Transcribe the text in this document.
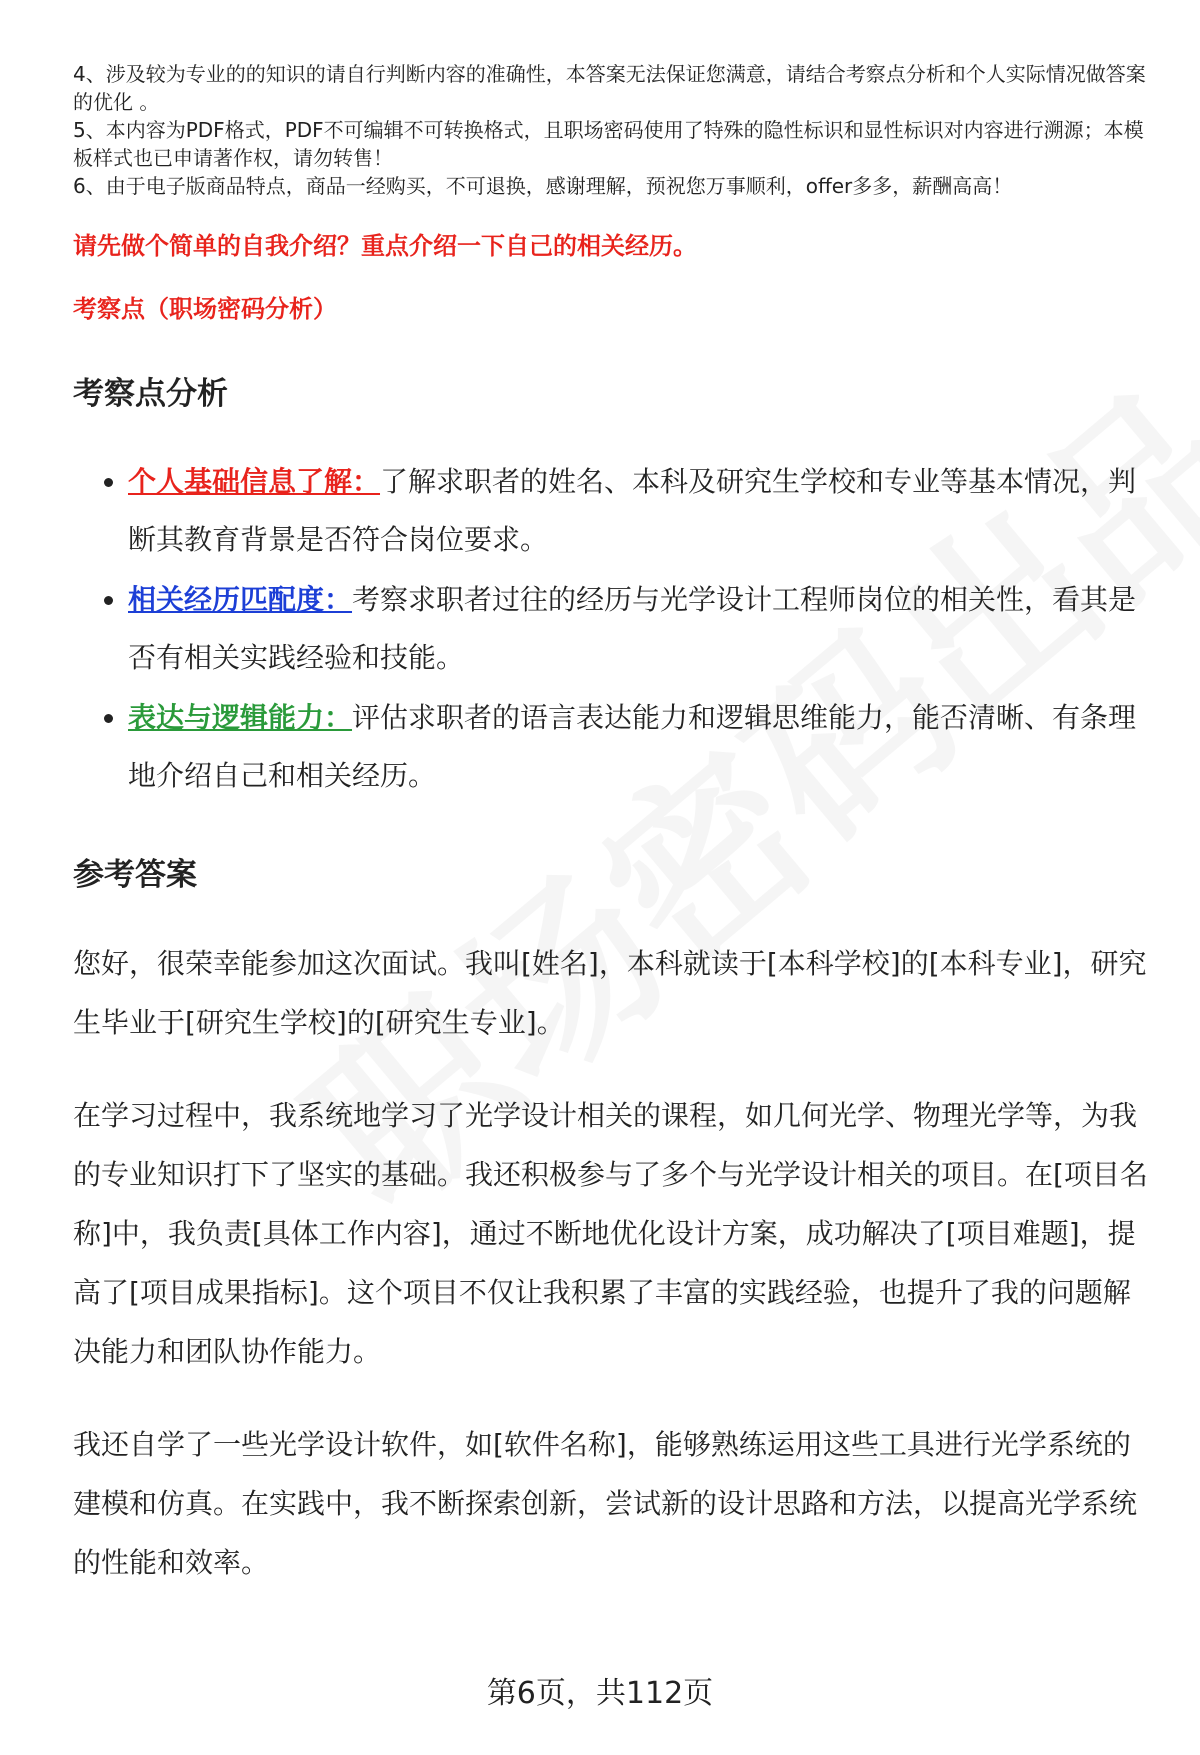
4、涉及较为专业的的知识的请自行判断内容的准确性，本答案无法保证您满意，请结合考察点分析和个人实际情况做答案的优化 。

5、本内容为PDF格式，PDF不可编辑不可转换格式，且职场密码使用了特殊的隐性标识和显性标识对内容进行溯源；本模板样式也已申请著作权，请勿转售！

6、由于电子版商品特点，商品一经购买，不可退换，感谢理解，预祝您万事顺利，offer多多，薪酬高高！

请先做个简单的自我介绍？重点介绍一下自己的相关经历。

考察点（职场密码分析）

考察点分析
• 个人基础信息了解：了解求职者的姓名、本科及研究生学校和专业等基本情况，判断其教育背景是否符合岗位要求。
• 相关经历匹配度：考察求职者过往的经历与光学设计工程师岗位的相关性，看其是否有相关实践经验和技能。
• 表达与逻辑能力：评估求职者的语言表达能力和逻辑思维能力，能否清晰、有条理地介绍自己和相关经历。
参考答案

您好，很荣幸能参加这次面试。我叫[姓名]，本科就读于[本科学校]的[本科专业]，研究生毕业于[研究生学校]的[研究生专业]。

在学习过程中，我系统地学习了光学设计相关的课程，如几何光学、物理光学等，为我的专业知识打下了坚实的基础。我还积极参与了多个与光学设计相关的项目。在[项目名称]中，我负责[具体工作内容]，通过不断地优化设计方案，成功解决了[项目难题]，提高了[项目成果指标]。这个项目不仅让我积累了丰富的实践经验，也提升了我的问题解决能力和团队协作能力。

我还自学了一些光学设计软件，如[软件名称]，能够熟练运用这些工具进行光学系统的建模和仿真。在实践中，我不断探索创新，尝试新的设计思路和方法，以提高光学系统的性能和效率。

第6页，共112页
